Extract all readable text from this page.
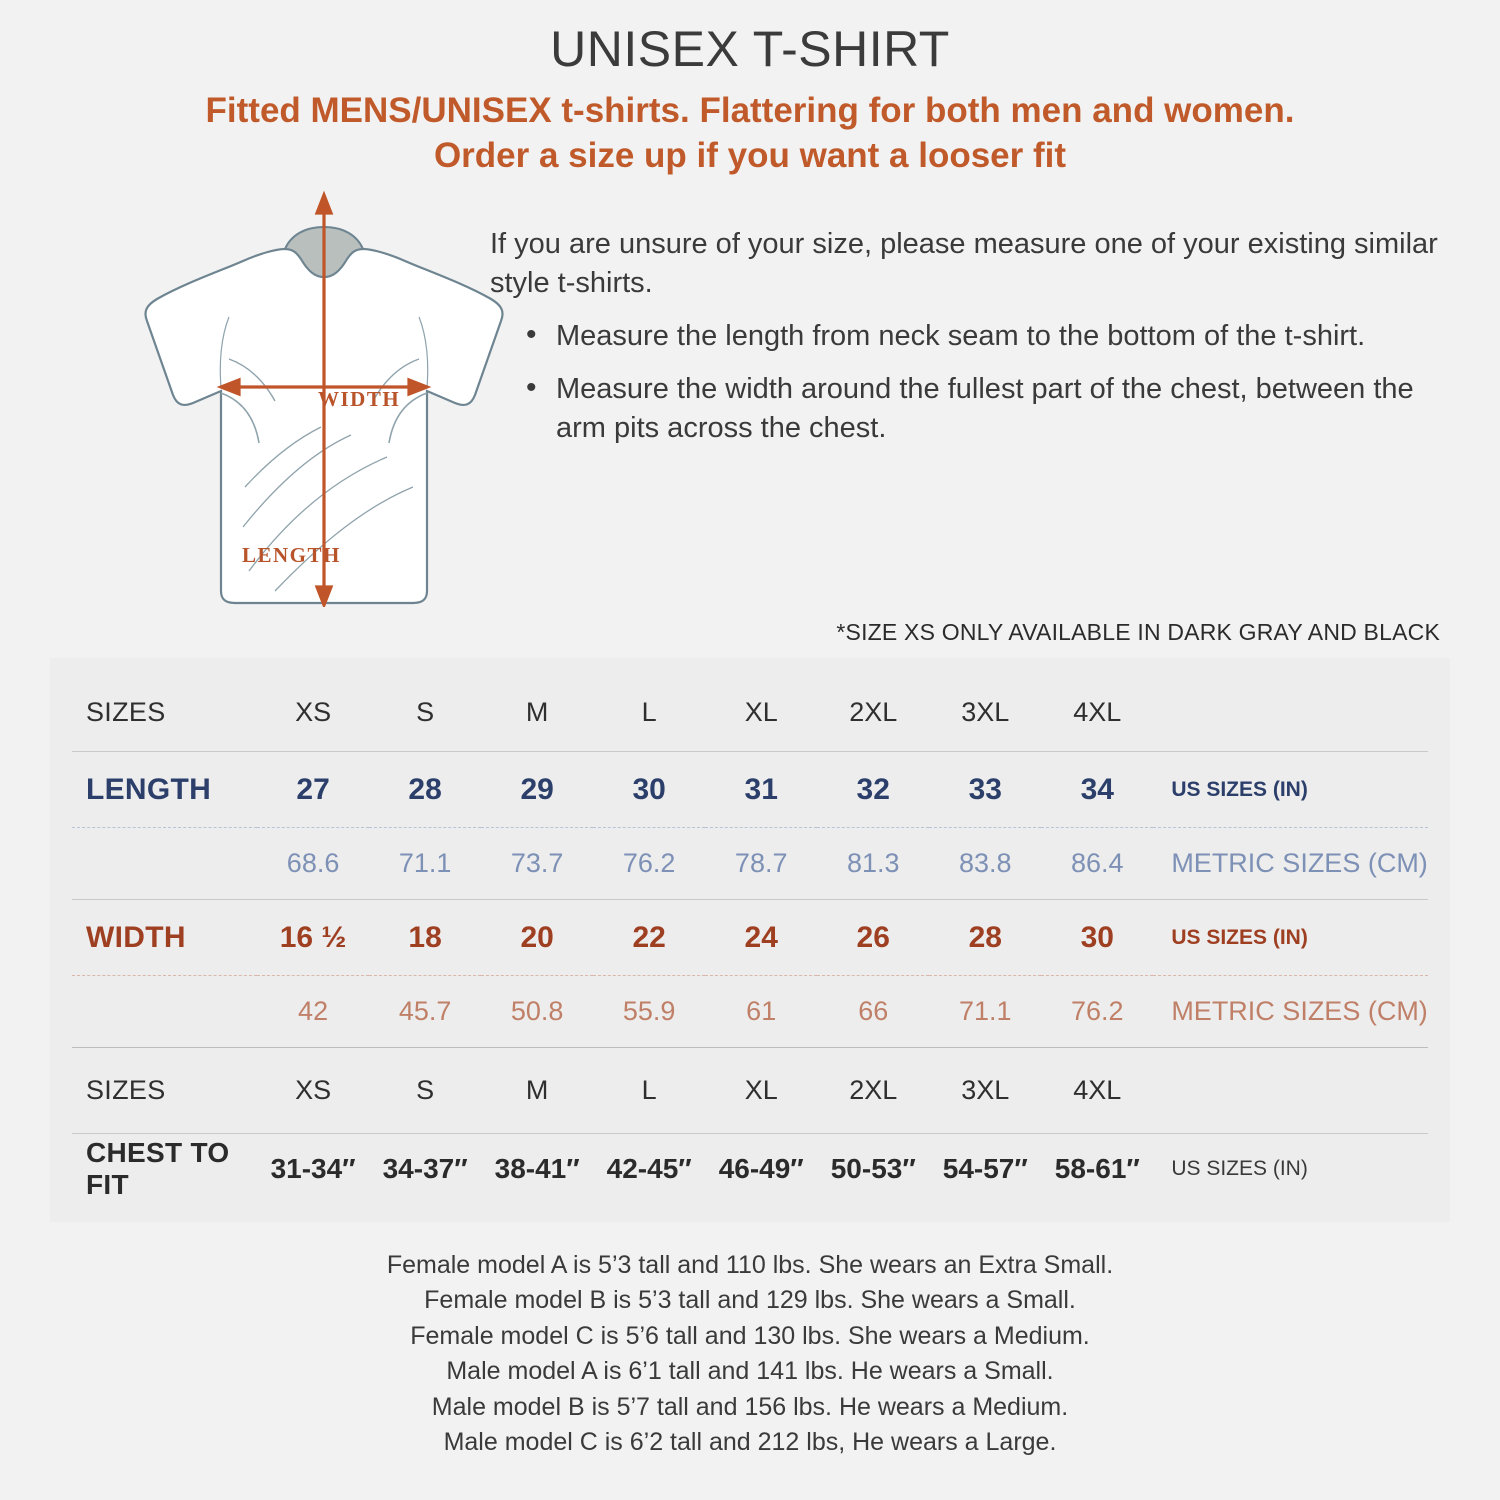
UNISEX T-SHIRT
Fitted MENS/UNISEX t-shirts. Flattering for both men and women.
Order a size up if you want a looser fit
WIDTH
LENGTH
If you are unsure of your size, please measure one of your existing similar style t-shirts.
• Measure the length from neck seam to the bottom of the t-shirt.
• Measure the width around the fullest part of the chest, between the arm pits across the chest.
*SIZE XS ONLY AVAILABLE IN DARK GRAY AND BLACK
SIZES	XS	S	M	L	XL	2XL	3XL	4XL	
LENGTH	27	28	29	30	31	32	33	34	US SIZES (IN)
	68.6	71.1	73.7	76.2	78.7	81.3	83.8	86.4	METRIC SIZES (CM)
WIDTH	16 ½	18	20	22	24	26	28	30	US SIZES (IN)
	42	45.7	50.8	55.9	61	66	71.1	76.2	METRIC SIZES (CM)
SIZES	XS	S	M	L	XL	2XL	3XL	4XL	
CHEST TO FIT	31-34″	34-37″	38-41″	42-45″	46-49″	50-53″	54-57″	58-61″	US SIZES (IN)
Female model A is 5’3 tall and 110 lbs. She wears an Extra Small.
Female model B is 5’3 tall and 129 lbs. She wears a Small.
Female model C is 5’6 tall and 130 lbs. She wears a Medium.
Male model A is 6’1 tall and 141 lbs. He wears a Small.
Male model B is 5’7 tall and 156 lbs. He wears a Medium.
Male model C is 6’2 tall and 212 lbs, He wears a Large.
